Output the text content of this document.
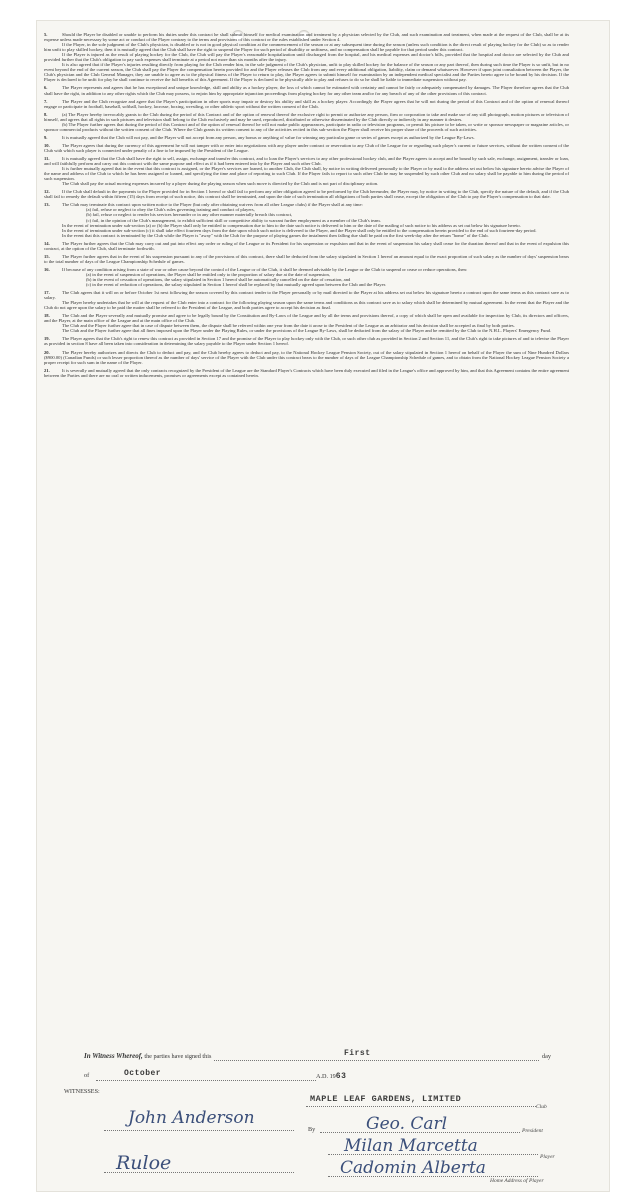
5.	Should the Player be disabled or unable to perform his duties under this contract he shall submit himself for medical examination and treatment by a physician selected by the Club, and such examination and treatment, when made at the request of the Club, shall be at its expense unless made necessary by some act or conduct of the Player contrary to the terms and provisions of this contract or the rules established under Section 4.

If the Player, in the sole judgment of the Club's physician, is disabled or is not in good physical condition at the commencement of the season or at any subsequent time during the season (unless such condition is the direct result of playing hockey for the Club) so as to render him unfit to play skilled hockey, then it is mutually agreed that the Club shall have the right to suspend the Player for such period of disability or unfitness, and no compensation shall be payable for that period under this contract.

If the Player is injured as the result of playing hockey for the Club, the Club will pay the Player's reasonable hospitalization until discharged from the hospital, and his medical expenses and doctor's bills, provided that the hospital and doctor are selected by the Club and provided further that the Club's obligation to pay such expenses shall terminate at a period not more than six months after the injury.

It is also agreed that if the Player's injuries resulting directly from playing for the Club render him, in the sole judgment of the Club's physician, unfit to play skilled hockey for the balance of the season or any part thereof, then during such time the Player is so unfit, but in no event beyond the end of the current season, the Club shall pay the Player the compensation herein provided for and the Player releases the Club from any and every additional obligation, liability, claim or demand whatsoever. However if upon joint consultation between the Player, the Club's physician and the Club General Manager, they are unable to agree as to the physical fitness of the Player to return to play, the Player agrees to submit himself for examination by an independent medical specialist and the Parties hereto agree to be bound by his decision. If the Player is declared to be unfit for play he shall continue to receive the full benefits of this Agreement. If the Player is declared to be physically able to play and refuses to do so he shall be liable to immediate suspension without pay.

6.	The Player represents and agrees that he has exceptional and unique knowledge, skill and ability as a hockey player, the loss of which cannot be estimated with certainty and cannot be fairly or adequately compensated by damages. The Player therefore agrees that the Club shall have the right, in addition to any other rights which the Club may possess, to enjoin him by appropriate injunction proceedings from playing hockey for any other team and/or for any breach of any of the other provisions of this contract.

7.	The Player and the Club recognize and agree that the Player's participation in other sports may impair or destroy his ability and skill as a hockey player. Accordingly the Player agrees that he will not during the period of this Contract and of the option of renewal thereof engage or participate in football, baseball, softball, hockey, lacrosse, boxing, wrestling, or other athletic sport without the written consent of the Club.

8.	(a) The Player hereby irrevocably grants to the Club during the period of this Contract and of the option of renewal thereof the exclusive right to permit or authorize any person, firm or corporation to take and make use of any still photograph, motion pictures or television of himself, and agrees that all rights in such pictures and television shall belong to the Club exclusively and may be used, reproduced, distributed or otherwise disseminated by the Club directly or indirectly in any manner it desires.

(b) The Player further agrees that during the period of this Contract and of the option of renewal thereof he will not make public appearances, participate in radio or television programs, or permit his picture to be taken, or write or sponsor newspaper or magazine articles, or sponsor commercial products without the written consent of the Club. Where the Club grants its written consent to any of the activities recited in this sub-section the Player shall receive his proper share of the proceeds of such activities.

9.	It is mutually agreed that the Club will not pay, and the Player will not accept from any person, any bonus or anything of value for winning any particular game or series of games except as authorized by the League By-Laws.

10.	The Player agrees that during the currency of this agreement he will not tamper with or enter into negotiations with any player under contract or reservation to any Club of the League for or regarding such player's current or future services, without the written consent of the Club with which such player is connected under penalty of a fine to be imposed by the President of the League.

11.	It is mutually agreed that the Club shall have the right to sell, assign, exchange and transfer this contract, and to loan the Player's services to any other professional hockey club, and the Player agrees to accept and be bound by such sale, exchange, assignment, transfer or loan, and will faithfully perform and carry out this contract with the same purpose and effect as if it had been entered into by the Player and such other Club.

It is further mutually agreed that in the event that this contract is assigned, or the Player's services are loaned, to another Club, the Club shall, by notice in writing delivered personally to the Player or by mail to the address set out below his signature hereto advise the Player of the name and address of the Club to which he has been assigned or loaned, and specifying the time and place of reporting to such Club. If the Player fails to report to such other Club he may be suspended by such other Club and no salary shall be payable to him during the period of such suspension.

The Club shall pay the actual moving expenses incurred by a player during the playing season when such move is directed by the Club and is not part of disciplinary action.

12.	If the Club shall default in the payments to the Player provided for in Section 1 hereof or shall fail to perform any other obligation agreed to be performed by the Club hereunder, the Player may, by notice in writing to the Club, specify the nature of the default, and if the Club shall fail to remedy the default within fifteen (15) days from receipt of such notice, this contract shall be terminated, and upon the date of such termination all obligations of both parties shall cease, except the obligation of the Club to pay the Player's compensation to that date.

13.	The Club may terminate this contract upon written notice to the Player (but only after obtaining waivers from all other League clubs) if the Player shall at any time:

(a) fail, refuse or neglect to obey the Club's rules governing training and conduct of players,

(b) fail, refuse or neglect to render his services hereunder or in any other manner materially breach this contract,

(c) fail, in the opinion of the Club's management, to exhibit sufficient skill or competitive ability to warrant further employment as a member of the Club's team.

In the event of termination under sub-section (a) or (b) the Player shall only be entitled to compensation due to him to the date such notice is delivered to him or the date of the mailing of such notice to his address as set out below his signature hereto.

In the event of termination under sub-section (c) it shall take effect fourteen days from the date upon which such notice is delivered to the Player, and the Player shall only be entitled to the compensation herein provided to the end of such fourteen-day period.

In the event that this contract is terminated by the Club while the Player is "away" with the Club for the purpose of playing games the instalment then falling due shall be paid on the first week-day after the return "home" of the Club.

14.	The Player further agrees that the Club may carry out and put into effect any order or ruling of the League or its President for his suspension or expulsion and that in the event of suspension his salary shall cease for the duration thereof and that in the event of expulsion this contract, at the option of the Club, shall terminate forthwith.

15.	The Player further agrees that in the event of his suspension pursuant to any of the provisions of this contract, there shall be deducted from the salary stipulated in Section 1 hereof an amount equal to the exact proportion of such salary as the number of days' suspension bears to the total number of days of the League Championship Schedule of games.

16.	If because of any condition arising from a state of war or other cause beyond the control of the League or of the Club, it shall be deemed advisable by the League or the Club to suspend or cease or reduce operations, then:

(a) in the event of suspension of operations, the Player shall be entitled only to the proportion of salary due at the date of suspension,

(b) in the event of cessation of operations, the salary stipulated in Section 1 hereof shall be automatically cancelled on the date of cessation, and

(c) in the event of reduction of operations, the salary stipulated in Section 1 hereof shall be replaced by that mutually agreed upon between the Club and the Player.

17.	The Club agrees that it will on or before October 1st next following the season covered by this contract tender to the Player personally or by mail directed to the Player at his address set out below his signature hereto a contract upon the same terms as this contract save as to salary.

The Player hereby undertakes that he will at the request of the Club enter into a contract for the following playing season upon the same terms and conditions as this contract save as to salary which shall be determined by mutual agreement. In the event that the Player and the Club do not agree upon the salary to be paid the matter shall be referred to the President of the League, and both parties agree to accept his decision as final.

18.	The Club and the Player severally and mutually promise and agree to be legally bound by the Constitution and By-Laws of the League and by all the terms and provisions thereof, a copy of which shall be open and available for inspection by Club, its directors and officers, and the Player, at the main office of the League and at the main office of the Club.

The Club and the Player further agree that in case of dispute between them, the dispute shall be referred within one year from the date it arose to the President of the League as an arbitrator and his decision shall be accepted as final by both parties.

The Club and the Player further agree that all fines imposed upon the Player under the Playing Rules, or under the provisions of the League By-Laws, shall be deducted from the salary of the Player and be remitted by the Club to the N.H.L. Players' Emergency Fund.

19.	The Player agrees that the Club's right to renew this contract as provided in Section 17 and the promise of the Player to play hockey only with the Club, or such other club as provided in Section 2 and Section 11, and the Club's right to take pictures of and to televise the Player as provided in section 8 have all been taken into consideration in determining the salary payable to the Player under Section 1 hereof.

20.	The Player hereby authorizes and directs the Club to deduct and pay, and the Club hereby agrees to deduct and pay, to the National Hockey League Pension Society, out of the salary stipulated in Section 1 hereof on behalf of the Player the sum of Nine Hundred Dollars ($900.00) (Canadian Funds) or such lesser proportion thereof as the number of days' service of the Player with the Club under this contract bears to the number of days of the League Championship Schedule of games, and to obtain from the National Hockey League Pension Society a proper receipt for such sum in the name of the Player.

21.	It is severally and mutually agreed that the only contracts recognized by the President of the League are the Standard Player's Contracts which have been duly executed and filed in the League's office and approved by him, and that this Agreement contains the entire agreement between the Parties and there are no oral or written inducements, promises or agreements except as contained herein.

In Witness Whereof, the parties have signed this	First	day
of	October	A.D. 1963
WITNESSES:
MAPLE LEAF GARDENS, LIMITED
Club
John Anderson
By	Geo. Carl	President
Milan Marcetta
Player
Ruloe	Cadomin Alberta
Home Address of Player
